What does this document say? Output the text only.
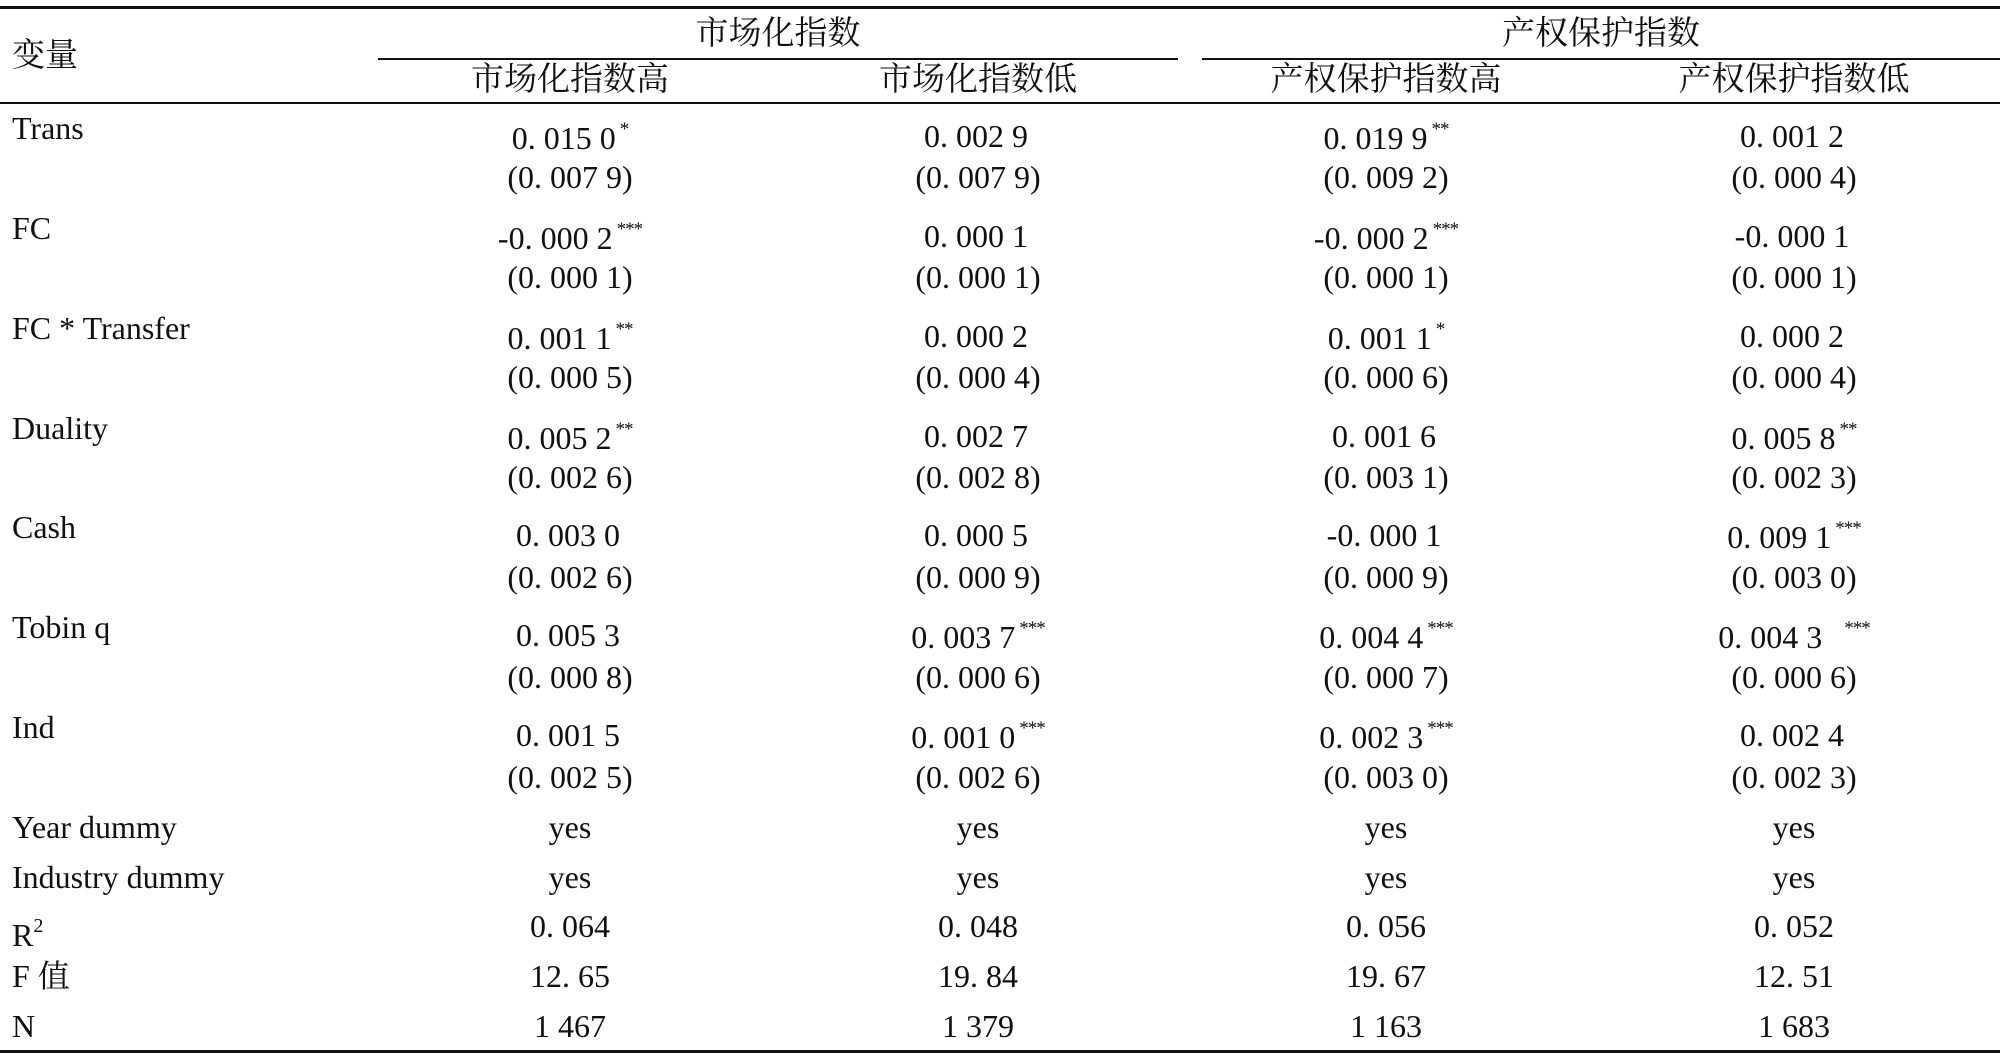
变量
市场化指数	产权保护指数
市场化指数高	市场化指数低	产权保护指数高	产权保护指数低
Trans	0. 015 0 *	0. 002 9	0. 019 9 **	0. 001 2
(0. 007 9)	(0. 007 9)	(0. 009 2)	(0. 000 4)
FC	-0. 000 2 ***	0. 000 1	-0. 000 2 ***	-0. 000 1
(0. 000 1)	(0. 000 1)	(0. 000 1)	(0. 000 1)
FC * Transfer	0. 001 1 **	0. 000 2	0. 001 1 *	0. 000 2
(0. 000 5)	(0. 000 4)	(0. 000 6)	(0. 000 4)
Duality	0. 005 2 **	0. 002 7	0. 001 6	0. 005 8 **
(0. 002 6)	(0. 002 8)	(0. 003 1)	(0. 002 3)
Cash	0. 003 0	0. 000 5	-0. 000 1	0. 009 1 ***
(0. 002 6)	(0. 000 9)	(0. 000 9)	(0. 003 0)
Tobin q	0. 005 3	0. 003 7 ***	0. 004 4 ***	0. 004 3 ***
(0. 000 8)	(0. 000 6)	(0. 000 7)	(0. 000 6)
Ind	0. 001 5	0. 001 0 ***	0. 002 3 ***	0. 002 4
(0. 002 5)	(0. 002 6)	(0. 003 0)	(0. 002 3)
Year dummy	yes	yes	yes	yes
Industry dummy	yes	yes	yes	yes
$R^2$	0. 064	0. 048	0. 056	0. 052
F 值	12. 65	19. 84	19. 67	12. 51
N	1 467	1 379	1 163	1 683
